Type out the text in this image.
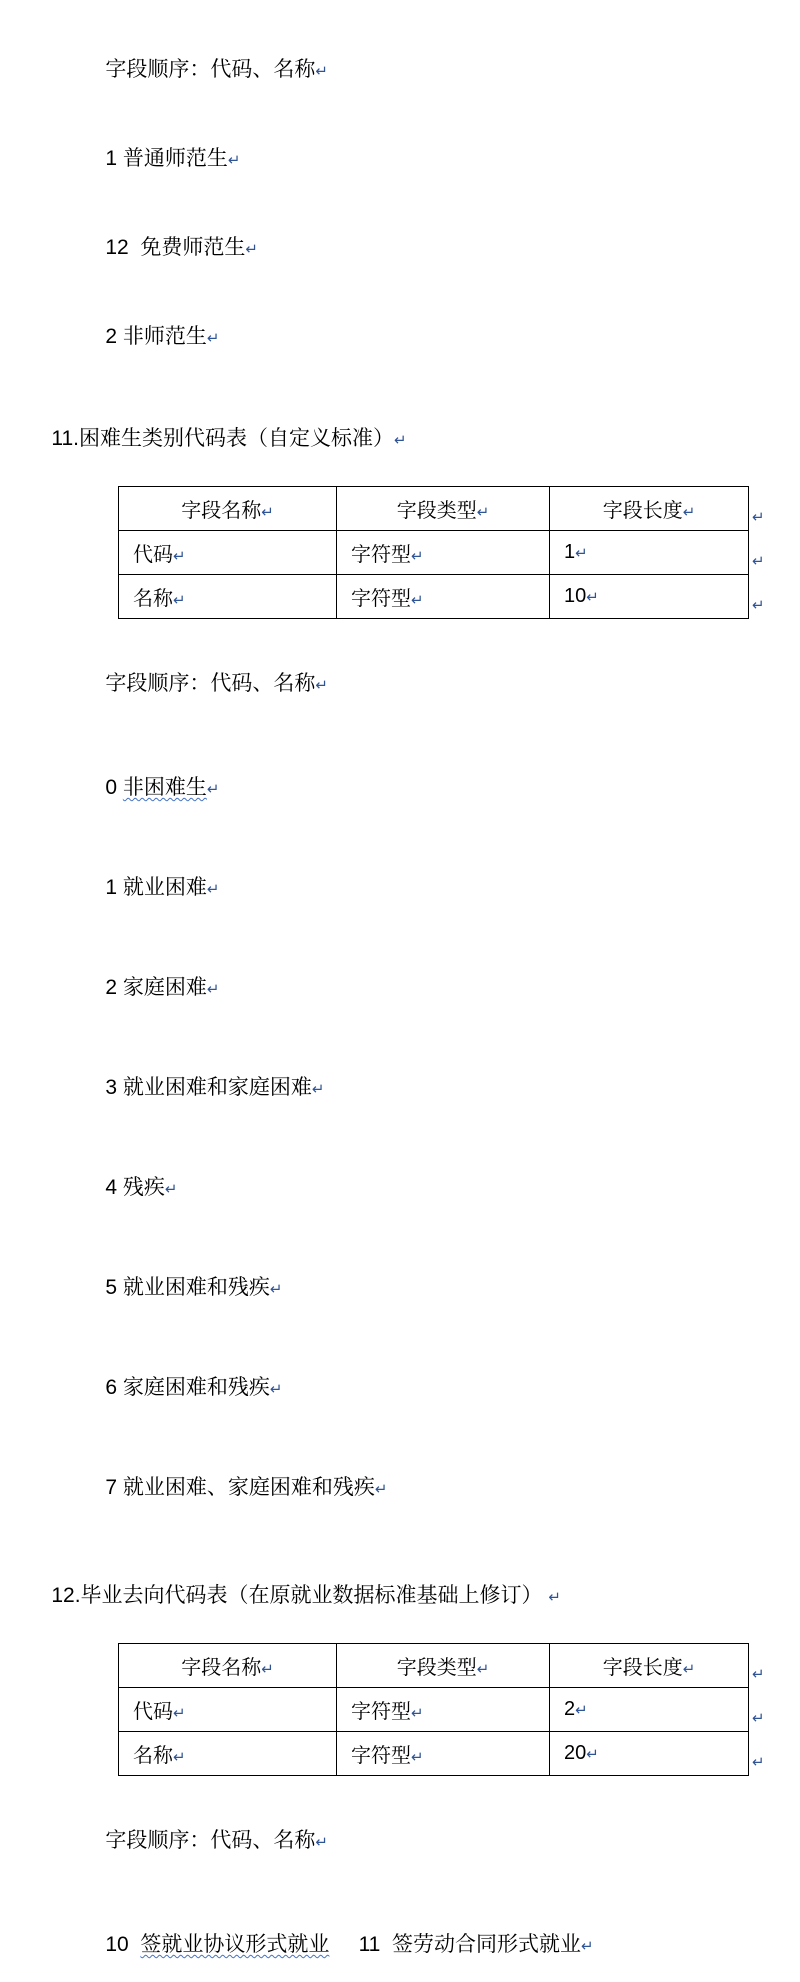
字段顺序：代码、名称↵

1 普通师范生↵

12  免费师范生↵

2 非师范生↵

11.困难生类别代码表（自定义标准）↵

字段名称↵	字段类型↵	字段长度↵
代码↵	字符型↵	1↵
名称↵	字符型↵	10↵
↵
↵
↵

字段顺序：代码、名称↵

0 非困难生↵

1 就业困难↵

2 家庭困难↵

3 就业困难和家庭困难↵

4 残疾↵

5 就业困难和残疾↵

6 家庭困难和残疾↵

7 就业困难、家庭困难和残疾↵

12.毕业去向代码表（在原就业数据标准基础上修订） ↵

字段名称↵	字段类型↵	字段长度↵
代码↵	字符型↵	2↵
名称↵	字符型↵	20↵
↵
↵
↵

字段顺序：代码、名称↵

10 签就业协议形式就业 11 签劳动合同形式就业↵
